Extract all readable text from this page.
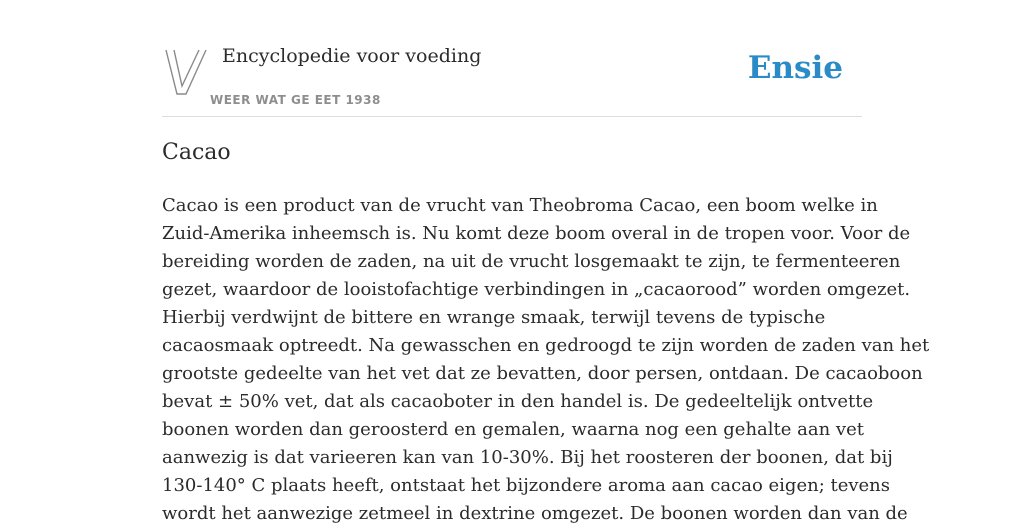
Encyclopedie voor voeding
WEER WAT GE EET 1938
Ensie
Cacao

Cacao is een product van de vrucht van Theobroma Cacao, een boom welke in
Zuid-Amerika inheemsch is. Nu komt deze boom overal in de tropen voor. Voor de
bereiding worden de zaden, na uit de vrucht losgemaakt te zijn, te fermenteeren
gezet, waardoor de looistofachtige verbindingen in „cacaorood” worden omgezet.
Hierbij verdwijnt de bittere en wrange smaak, terwijl tevens de typische
cacaosmaak optreedt. Na gewasschen en gedroogd te zijn worden de zaden van het
grootste gedeelte van het vet dat ze bevatten, door persen, ontdaan. De cacaoboon
bevat ± 50% vet, dat als cacaoboter in den handel is. De gedeeltelijk ontvette
boonen worden dan geroosterd en gemalen, waarna nog een gehalte aan vet
aanwezig is dat varieeren kan van 10-30%. Bij het roosteren der boonen, dat bij
130-140° C plaats heeft, ontstaat het bijzondere aroma aan cacao eigen; tevens
wordt het aanwezige zetmeel in dextrine omgezet. De boonen worden dan van de
